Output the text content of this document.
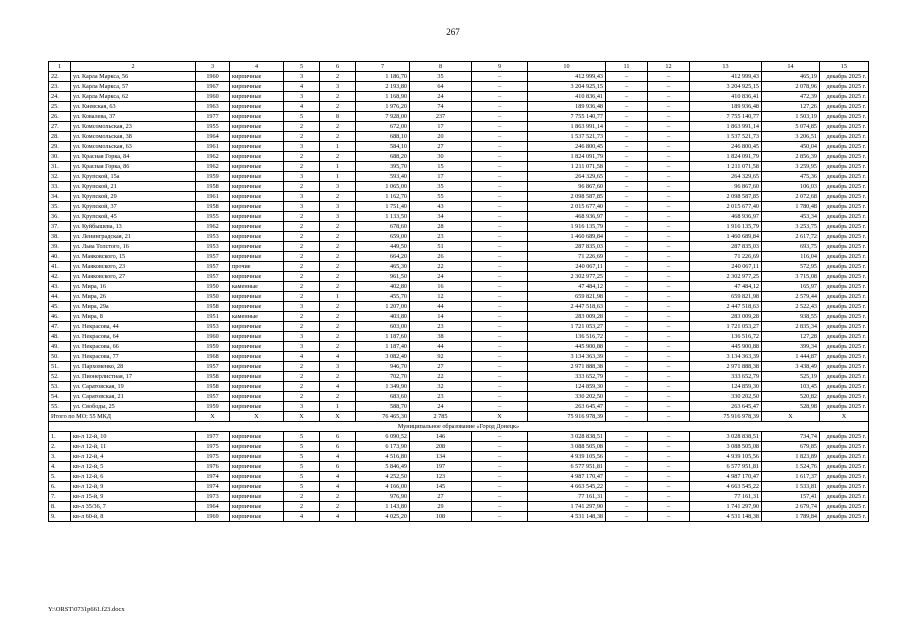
267
1	2	3	4	5	6	7	8	9	10	11	12	13	14	15
22.	ул. Карла Маркса, 56	1960	кирпичные	3	2	1 186,70	35	–	412 999,43	–	–	412 999,43	465,19	декабрь 2025 г.
23.	ул. Карла Маркса, 57	1967	кирпичные	4	3	2 193,80	64	–	3 204 925,15	–	–	3 204 925,15	2 078,96	декабрь 2025 г.
24.	ул. Карла Маркса, 62	1960	кирпичные	3	2	1 168,90	24	–	410 836,41	–	–	410 836,41	472,39	декабрь 2025 г.
25.	ул. Киевская, 63	1963	кирпичные	4	2	1 976,20	74	–	189 936,48	–	–	189 936,48	127,26	декабрь 2025 г.
26.	ул. Ковалева, 37	1977	кирпичные	5	8	7 928,00	237	–	7 755 140,77	–	–	7 755 140,77	1 503,19	декабрь 2025 г.
27.	ул. Комсомольская, 23	1955	кирпичные	2	2	672,00	17	–	1 863 991,14	–	–	1 863 991,14	5 074,85	декабрь 2025 г.
28.	ул. Комсомольская, 38	1964	кирпичные	2	2	688,10	20	–	1 537 521,73	–	–	1 537 521,73	3 206,51	декабрь 2025 г.
29.	ул. Комсомольская, 63	1961	кирпичные	3	1	584,10	27	–	246 800,45	–	–	246 800,45	450,04	декабрь 2025 г.
30.	ул. Красная Горка, 84	1962	кирпичные	2	2	688,20	30	–	1 824 091,79	–	–	1 824 091,79	2 856,39	декабрь 2025 г.
31.	ул. Красная Горка, 86	1962	кирпичные	2	1	395,70	15	–	1 211 071,58	–	–	1 211 071,58	3 259,95	декабрь 2025 г.
32.	ул. Крупской, 15а	1959	кирпичные	3	1	593,40	17	–	264 329,65	–	–	264 329,65	475,36	декабрь 2025 г.
33.	ул. Крупской, 21	1958	кирпичные	2	3	1 065,00	35	–	96 867,60	–	–	96 867,60	106,03	декабрь 2025 г.
34.	ул. Крупской, 29	1961	кирпичные	3	2	1 162,70	55	–	2 098 587,85	–	–	2 098 587,85	2 072,68	декабрь 2025 г.
35.	ул. Крупской, 37	1958	кирпичные	3	3	1 751,40	43	–	2 015 677,40	–	–	2 015 677,40	1 780,48	декабрь 2025 г.
36.	ул. Крупской, 45	1955	кирпичные	2	3	1 133,50	34	–	468 936,97	–	–	468 936,97	453,34	декабрь 2025 г.
37.	ул. Куйбышева, 13	1962	кирпичные	2	2	678,60	28	–	1 916 135,79	–	–	1 916 135,79	3 253,75	декабрь 2025 г.
38.	ул. Ленинградская, 21	1953	кирпичные	2	2	659,00	23	–	1 460 689,84	–	–	1 460 689,84	2 617,72	декабрь 2025 г.
39.	ул. Льва Толстого, 16	1953	кирпичные	2	2	449,50	51	–	287 835,03	–	–	287 835,03	693,75	декабрь 2025 г.
40.	ул. Маяковского, 15	1957	кирпичные	2	2	664,20	26	–	71 226,69	–	–	71 226,69	116,04	декабрь 2025 г.
41.	ул. Маяковского, 23	1957	прочие	2	2	465,30	22	–	240 067,11	–	–	240 067,11	572,95	декабрь 2025 г.
42.	ул. Маяковского, 27	1957	кирпичные	2	2	961,50	24	–	2 302 977,25	–	–	2 302 977,25	3 715,08	декабрь 2025 г.
43.	ул. Мира, 16	1950	каменные	2	2	402,80	16	–	47 484,12	–	–	47 484,12	165,97	декабрь 2025 г.
44.	ул. Мира, 26	1950	кирпичные	2	1	455,70	12	–	659 821,98	–	–	659 821,98	2 579,44	декабрь 2025 г.
45.	ул. Мира, 29а	1958	кирпичные	3	2	1 207,00	44	–	2 447 518,63	–	–	2 447 518,63	2 522,43	декабрь 2025 г.
46.	ул. Мира, 8	1951	каменные	2	2	403,80	14	–	283 009,28	–	–	283 009,28	938,55	декабрь 2025 г.
47.	ул. Некрасова, 44	1953	кирпичные	2	2	603,00	23	–	1 721 053,27	–	–	1 721 053,27	2 835,34	декабрь 2025 г.
48.	ул. Некрасова, 64	1960	кирпичные	3	2	1 187,60	38	–	136 516,72	–	–	136 516,72	127,28	декабрь 2025 г.
49.	ул. Некрасова, 66	1959	кирпичные	3	2	1 187,40	44	–	445 900,88	–	–	445 900,88	399,34	декабрь 2025 г.
50.	ул. Некрасова, 77	1968	кирпичные	4	4	3 082,40	92	–	3 134 363,39	–	–	3 134 363,39	1 444,87	декабрь 2025 г.
51.	ул. Пархоменко, 28	1957	кирпичные	2	3	946,70	27	–	2 971 888,38	–	–	2 971 888,38	3 438,49	декабрь 2025 г.
52.	ул. Пионерлистная, 17	1958	кирпичные	2	2	702,70	22	–	333 652,79	–	–	333 652,79	525,19	декабрь 2025 г.
53.	ул. Саратовская, 19	1958	кирпичные	2	4	1 349,90	32	–	124 859,30	–	–	124 859,30	103,45	декабрь 2025 г.
54.	ул. Саратовская, 21	1957	кирпичные	2	2	683,60	23	–	330 202,50	–	–	330 202,50	520,82	декабрь 2025 г.
55.	ул. Свободы, 25	1959	кирпичные	3	1	588,70	24	–	263 645,47	–	–	263 645,47	528,98	декабрь 2025 г.
Итого по МО: 55 МКД		X	X	X	X	76 465,30	2 785	X	75 916 978,39	–	–	75 916 978,39	X	X
Муниципальное образование «Город Донецк»														
1.	кв-л 12-й, 10	1977	кирпичные	5	6	6 090,52	146	–	3 028 838,51	–	–	3 028 838,51	734,74	декабрь 2025 г.
2.	кв-л 12-й, 11	1975	кирпичные	5	6	6 173,90	208	–	3 088 505,08	–	–	3 088 505,08	679,85	декабрь 2025 г.
3.	кв-л 12-й, 4	1975	кирпичные	5	4	4 516,80	134	–	4 939 105,56	–	–	4 939 105,56	1 823,89	декабрь 2025 г.
4.	кв-л 12-й, 5	1976	кирпичные	5	6	5 846,49	197	–	6 577 951,81	–	–	6 577 951,81	1 524,76	декабрь 2025 г.
5.	кв-л 12-й, 6	1974	кирпичные	5	4	4 252,50	123	–	4 987 170,47	–	–	4 987 170,47	1 617,37	декабрь 2025 г.
6.	кв-л 12-й, 9	1974	кирпичные	5	4	4 166,00	145	–	4 663 545,22	–	–	4 663 545,22	1 533,81	декабрь 2025 г.
7.	кв-л 15-й, 9	1973	кирпичные	2	2	976,90	27	–	77 161,31	–	–	77 161,31	157,41	декабрь 2025 г.
8.	кв-л 35/36, 7	1964	кирпичные	2	2	1 143,80	29	–	1 741 297,90	–	–	1 741 297,90	2 679,74	декабрь 2025 г.
9.	кв-л 60-й, 8	1969	кирпичные	4	4	4 025,20	108	–	4 531 148,38	–	–	4 531 148,38	1 789,84	декабрь 2025 г.
Y:\ORST\0731p661.f23.docx
